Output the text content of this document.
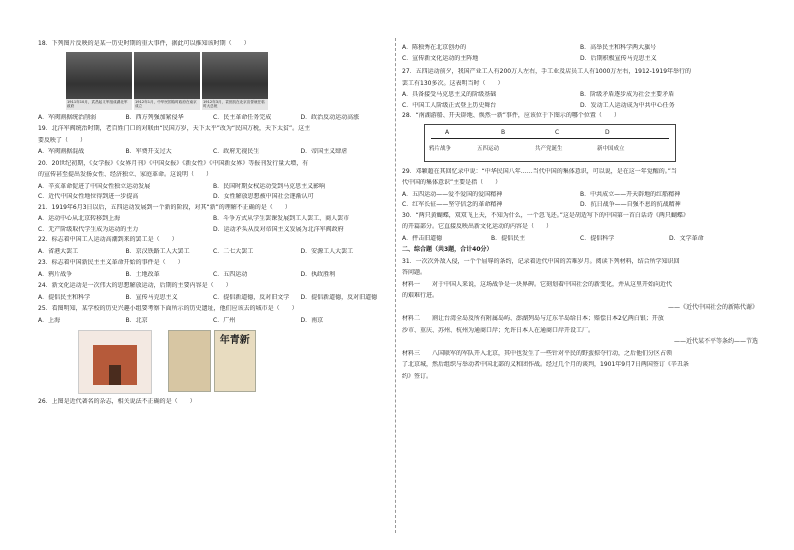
18．下列图片反映的是某一历史时期的重大事件，据此可以推知该时期（　　）
1911年10月，武昌起义军组成湖北军政府
1912年1月，中华民国临时政府在南京成立
1912年3月，袁世凯在北京宣誓就任临时大总统
A．军阀割据统治削弱	B．西方列强加紧侵华	C．民主革命任务完成	D．政治反动运动高涨
19．北洋军阀统治时期，老百姓门口的对联由“民国万岁，天下太平”改为“民国万税，天下太贫”。这主
要反映了（　　）
A．军阀割据混战	B．军费开支过大	C．政府无视民生	D．帝国主义肆虐
20．20世纪初期，《女学报》《女界月刊》《中国女报》《新女性》《中国新女界》等报刊发行量大增，有
的宣传甚至提出发扬女性、经济独立、家庭革命。这说明（　　）
A．辛亥革命促进了中国女性独立运动发展	B．民国时期女权运动受到马克思主义影响
C．近代中国女性地位得到进一步提高	D．女性解放思想被中国社会逐渐认可
21．1919年6月3日以后，五四运动发展到一个新的阶段，对其“新”的理解不正确的是（　　）
A．运动中心从北京转移到上海	B．斗争方式从学生罢课发展到工人罢工、商人罢市
C．无产阶级取代学生成为运动的主力	D．运动矛头从反对帝国主义发展为北洋军阀政府
22．标志着中国工人运动高潮到来的罢工是（　　）
A．省港大罢工	B．京汉铁路工人大罢工	C．二七大罢工	D．安源工人大罢工
23．标志着中国新民主主义革命开始的事件是（　　）
A．鸦片战争	B．土地改革	C．五四运动	D．执政胜利
24．新文化运动是一次伟大的思想解放运动，后期的主要内容是（　　）
A．提倡民主和科学	B．宣传马克思主义	C．提倡新道德，反对旧文学	D．提倡新道德，反对旧道德
25．看图明知，某学校的历史兴趣小组要考察下面所示的历史遗址，他们应该去的城市是（　　）
A．上海	B．北京	C．广州	D．南京
年青新
26．上图是近代著名的杂志，相关说法不正确的是（　　）
A．陈独秀在北京创办的	B．高举民主和科学两大旗号
C．宣传新文化运动的主阵地	D．后期积极宣传马克思主义
27．五四运动前夕，我国产业工人有200万人左右，手工业及店员工人有1000万左右，1912-1919年举行的
罢工有130多次。这表明当时（　　）
A．具备接受马克思主义的阶级基础	B．阶级矛盾逐步成为社会主要矛盾
C．中国工人阶级正式登上历史舞台	D．发动工人运动成为中共中心任务
28．“南湖游船、开天辟地、焕然一新”事件，应该位于下图示的哪个位置（　　）
A	B	C	D
鸦片战争	五四运动	共产党诞生	新中国成立
29．邓颖超在其回忆录中说：“中华民国八年……当代中国的集体意识，可以说，是在这一年觉醒的。”当
代中国的集体意识”主要是指（　　）
A．五四运动——爱不爱国的爱国精神	B．中共成立——开天辟地的红船精神
C．红军长征——坚守信念的革命精神	D．抗日战争——自强不息的抗战精神
30．“两只黄蝴蝶，双双飞上天，不知为什么，一个忽飞还。”这是胡适写下的中国第一首白话诗《两只蝴蝶》
的开篇部分。它直接反映出新文化运动的内容是（　　）
A．抨击旧道德	B．提倡民主	C．提倡科学	D．文学革命
二、综合题（共3题，合计40分）
31．一次次外敌入侵，一个个屈辱的条约，记录着近代中国的苦难岁月。阅读下列材料，结合所学知识回
答问题。
材料一　　对于中国人来说，这场战争是一块界碑。它刻划着中国社会的新变化，并从这里开始向近代
的艰难行进。
——《近代中国社会的新陈代谢》
材料二　　割让台湾全岛及所有附属岛屿、澎湖列岛与辽东半岛给日本；赔偿日本2亿两白银；开放
沙市、重庆、苏州、杭州为通商口岸；允许日本人在通商口岸开设工厂。
——近代某不平等条约——节选
材料三　　八国联军的军队开入北京，其中也发生了一些针对平民的野蛮掠夺行动，之后他们分区占领
了北京城，然后组织与举动者中国北部的义和团作战。经过几个月的谈判，1901年9月7日两国签订《辛丑条
约》签订。
